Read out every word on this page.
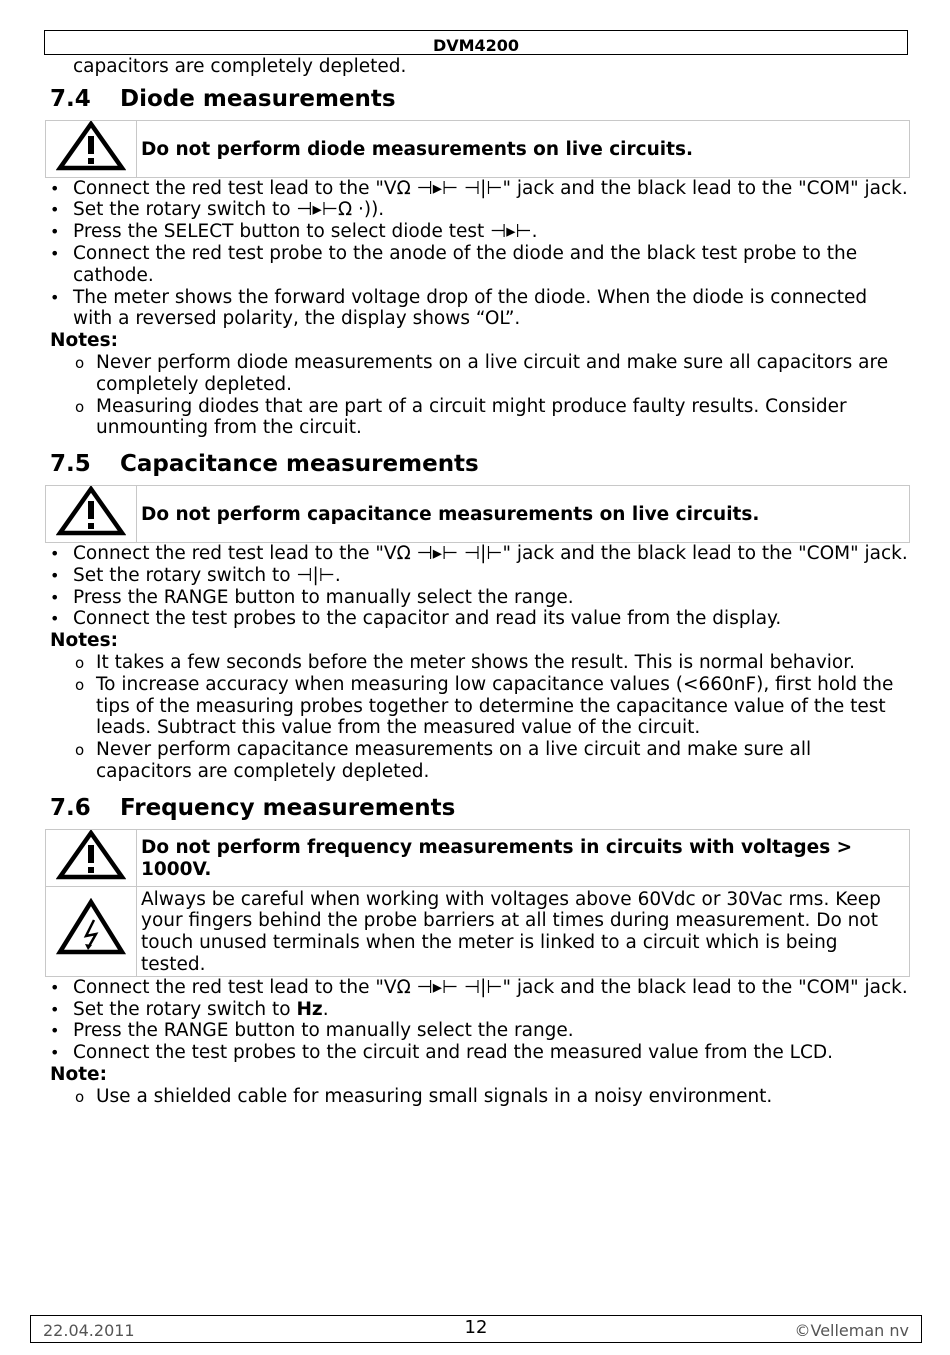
DVM4200
capacitors are completely depleted.
7.4 Diode measurements
	Do not perform diode measurements on live circuits.
• Connect the red test lead to the "VΩ ⊣▸⊢ ⊣|⊢" jack and the black lead to the "COM" jack.
• Set the rotary switch to ⊣▸⊢Ω ·)).
• Press the SELECT button to select diode test ⊣▸⊢.
• Connect the red test probe to the anode of the diode and the black test probe to the cathode.
• The meter shows the forward voltage drop of the diode. When the diode is connected with a reversed polarity, the display shows “OL”.
Notes:
o Never perform diode measurements on a live circuit and make sure all capacitors are completely depleted.
o Measuring diodes that are part of a circuit might produce faulty results. Consider unmounting from the circuit.
7.5 Capacitance measurements
	Do not perform capacitance measurements on live circuits.
• Connect the red test lead to the "VΩ ⊣▸⊢ ⊣|⊢" jack and the black lead to the "COM" jack.
• Set the rotary switch to ⊣|⊢.
• Press the RANGE button to manually select the range.
• Connect the test probes to the capacitor and read its value from the display.
Notes:
o It takes a few seconds before the meter shows the result. This is normal behavior.
o To increase accuracy when measuring low capacitance values (<660nF), first hold the tips of the measuring probes together to determine the capacitance value of the test leads. Subtract this value from the measured value of the circuit.
o Never perform capacitance measurements on a live circuit and make sure all capacitors are completely depleted.
7.6 Frequency measurements
	Do not perform frequency measurements in circuits with voltages > 1000V.
	Always be careful when working with voltages above 60Vdc or 30Vac rms. Keep your fingers behind the probe barriers at all times during measurement. Do not touch unused terminals when the meter is linked to a circuit which is being tested.
• Connect the red test lead to the "VΩ ⊣▸⊢ ⊣|⊢" jack and the black lead to the "COM" jack.
• Set the rotary switch to Hz.
• Press the RANGE button to manually select the range.
• Connect the test probes to the circuit and read the measured value from the LCD.
Note:
o Use a shielded cable for measuring small signals in a noisy environment.
22.04.2011	12	©Velleman nv
